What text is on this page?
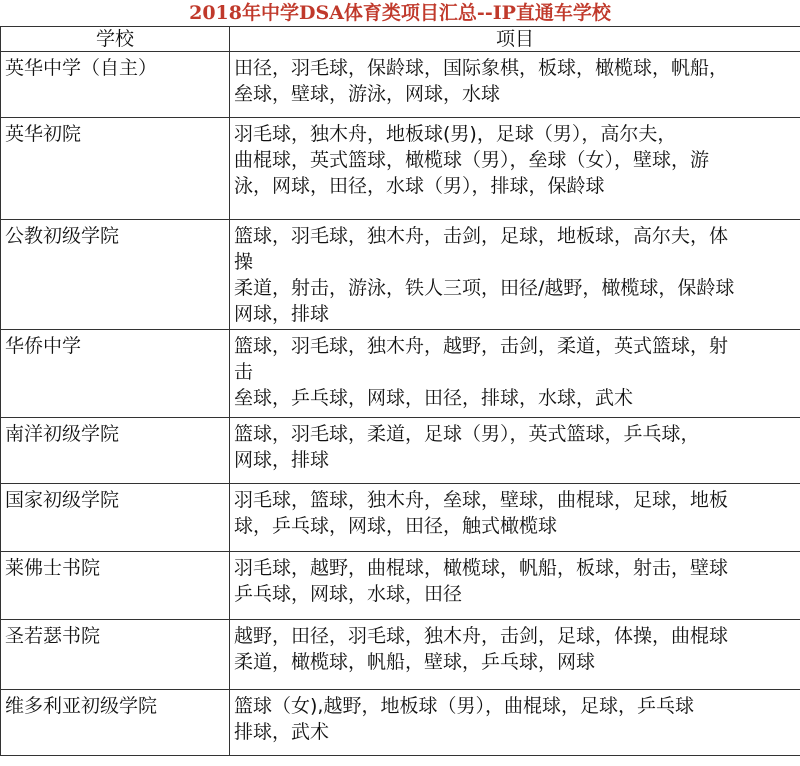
2018年中学DSA体育类项目汇总--IP直通车学校
学校	项目
英华中学（自主）	田径，羽毛球，保龄球，国际象棋，板球，橄榄球，帆船，
垒球，壁球，游泳，网球，水球

英华初院	羽毛球，独木舟，地板球(男)，足球（男），高尔夫，
曲棍球，英式篮球，橄榄球（男），垒球（女），壁球，游
泳，网球，田径，水球（男），排球，保龄球

公教初级学院	篮球，羽毛球，独木舟，击剑，足球，地板球，高尔夫，体
操
柔道，射击，游泳，铁人三项，田径/越野，橄榄球，保龄球
网球，排球

华侨中学	篮球，羽毛球，独木舟，越野，击剑，柔道，英式篮球，射
击
垒球，乒乓球，网球，田径，排球，水球，武术

南洋初级学院	篮球，羽毛球，柔道，足球（男），英式篮球，乒乓球，
网球，排球

国家初级学院	羽毛球，篮球，独木舟，垒球，壁球，曲棍球，足球，地板
球，乒乓球，网球，田径，触式橄榄球

莱佛士书院	羽毛球，越野，曲棍球，橄榄球，帆船，板球，射击，壁球
乒乓球，网球，水球，田径

圣若瑟书院	越野，田径，羽毛球，独木舟，击剑，足球，体操，曲棍球
柔道，橄榄球，帆船，壁球，乒乓球，网球

维多利亚初级学院	篮球（女),越野，地板球（男），曲棍球，足球，乒乓球
排球，武术
